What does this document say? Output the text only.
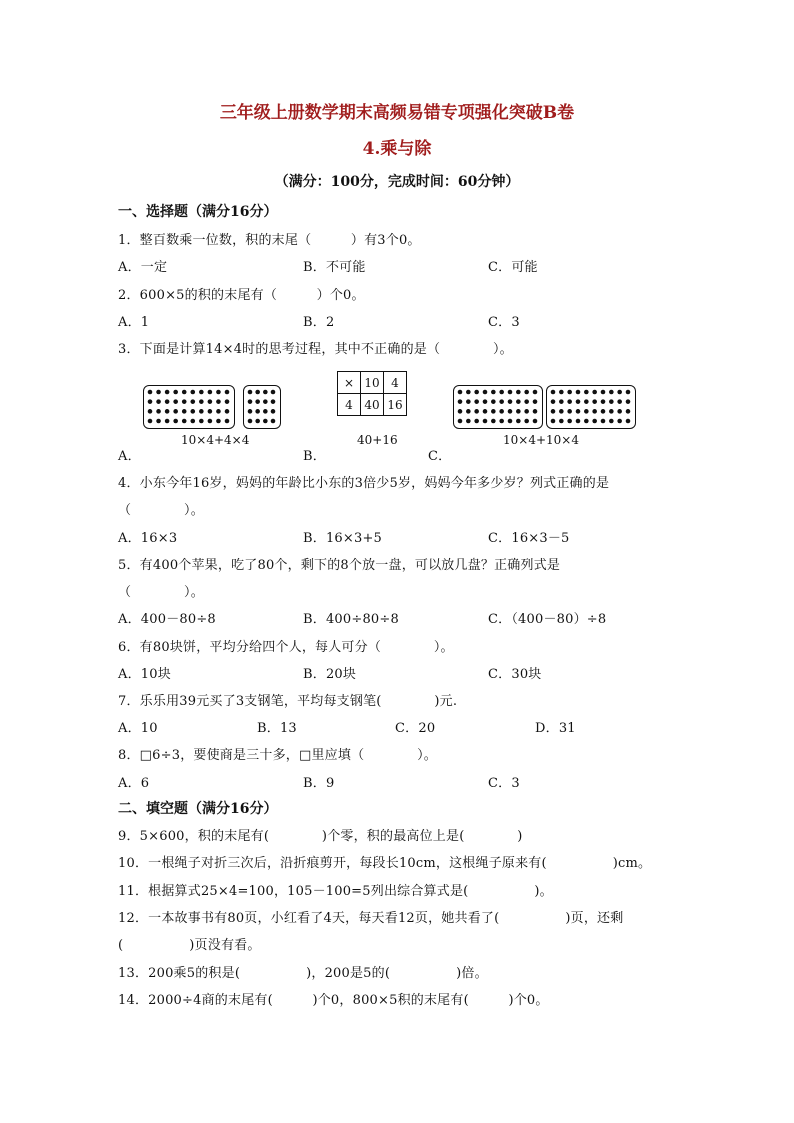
三年级上册数学期末高频易错专项强化突破B卷
4.乘与除
（满分：100分，完成时间：60分钟）
一、选择题（满分16分）
1．整百数乘一位数，积的末尾（　　　）有3个0。
A．一定	B．不可能	C．可能
2．600×5的积的末尾有（　　　）个0。
A．1	B．2	C．3
3．下面是计算14×4时的思考过程，其中不正确的是（　　　　）。
10×4+4×4
×	10	4
4	40	16
40+16	10×4+10×4
A．	B．	C．
4．小东今年16岁，妈妈的年龄比小东的3倍少5岁，妈妈今年多少岁？列式正确的是
（　　　　）。
A．16×3	B．16×3+5	C．16×3－5
5．有400个苹果，吃了80个，剩下的8个放一盘，可以放几盘？正确列式是
（　　　　）。
A．400－80÷8	B．400÷80÷8	C．（400－80）÷8
6．有80块饼，平均分给四个人，每人可分（　　　　）。
A．10块	B．20块	C．30块
7．乐乐用39元买了3支钢笔，平均每支钢笔(　　　　)元.
A．10	B．13	C．20	D．31
8．□6÷3，要使商是三十多，□里应填（　　　　）。
A．6	B．9	C．3
二、填空题（满分16分）
9．5×600，积的末尾有(　　　　)个零，积的最高位上是(　　　　)
10．一根绳子对折三次后，沿折痕剪开，每段长10cm，这根绳子原来有(　　　　　)cm。
11．根据算式25×4=100，105－100=5列出综合算式是(　　　　　)。
12．一本故事书有80页，小红看了4天，每天看12页，她共看了(　　　　　)页，还剩
(　　　　　)页没有看。
13．200乘5的积是(　　　　　)，200是5的(　　　　　)倍。
14．2000÷4商的末尾有(　　　)个0，800×5积的末尾有(　　　)个0。
